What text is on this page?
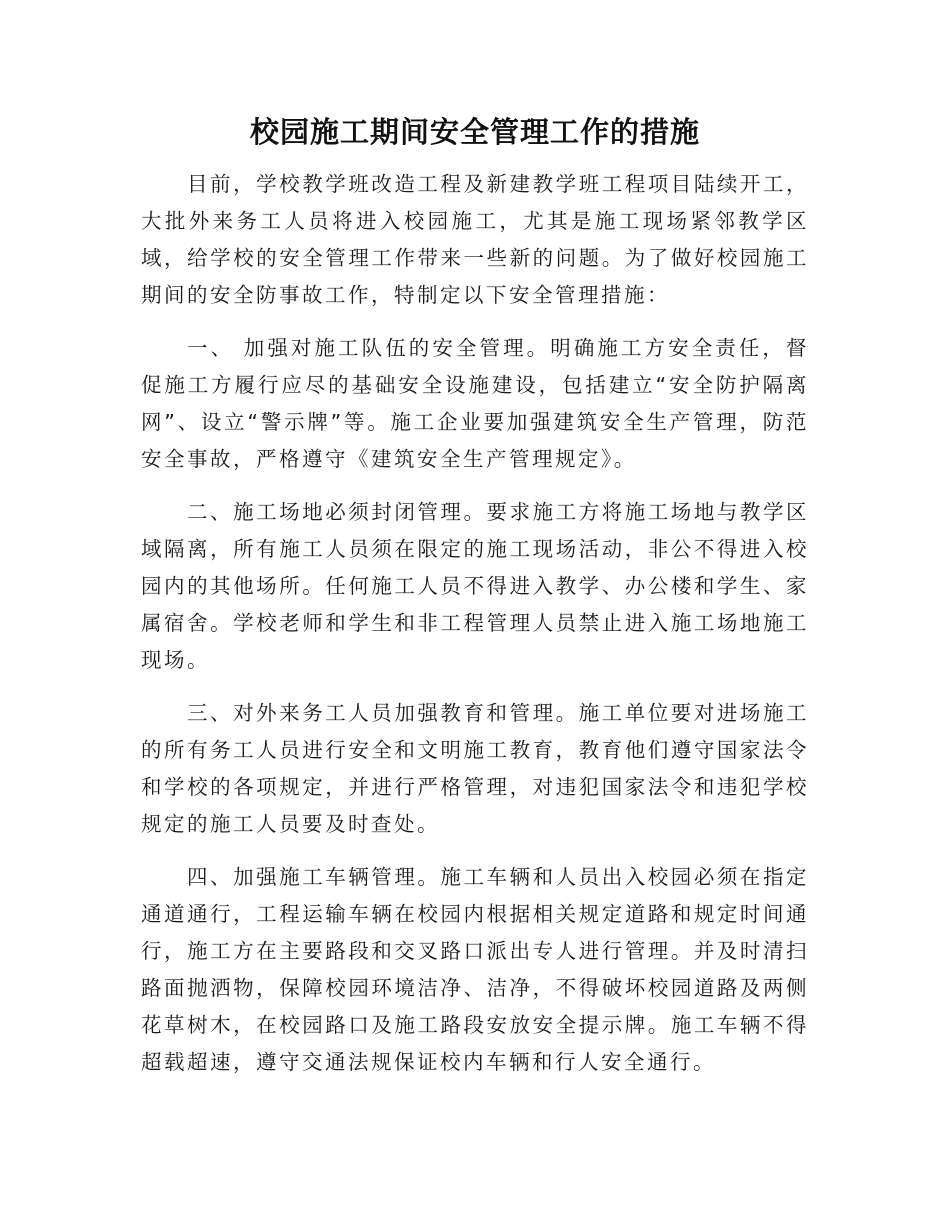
校园施工期间安全管理工作的措施

目前，学校教学班改造工程及新建教学班工程项目陆续开工，大批外来务工人员将进入校园施工，尤其是施工现场紧邻教学区域，给学校的安全管理工作带来一些新的问题。为了做好校园施工期间的安全防事故工作，特制定以下安全管理措施：

一、 加强对施工队伍的安全管理。明确施工方安全责任，督促施工方履行应尽的基础安全设施建设，包括建立“安全防护隔离网”、设立“警示牌”等。施工企业要加强建筑安全生产管理，防范安全事故，严格遵守《建筑安全生产管理规定》。

二、施工场地必须封闭管理。要求施工方将施工场地与教学区域隔离，所有施工人员须在限定的施工现场活动，非公不得进入校园内的其他场所。任何施工人员不得进入教学、办公楼和学生、家属宿舍。学校老师和学生和非工程管理人员禁止进入施工场地施工现场。

三、对外来务工人员加强教育和管理。施工单位要对进场施工的所有务工人员进行安全和文明施工教育，教育他们遵守国家法令和学校的各项规定，并进行严格管理，对违犯国家法令和违犯学校规定的施工人员要及时查处。

四、加强施工车辆管理。施工车辆和人员出入校园必须在指定通道通行，工程运输车辆在校园内根据相关规定道路和规定时间通行，施工方在主要路段和交叉路口派出专人进行管理。并及时清扫路面抛洒物，保障校园环境洁净、洁净，不得破坏校园道路及两侧花草树木，在校园路口及施工路段安放安全提示牌。施工车辆不得超载超速，遵守交通法规保证校内车辆和行人安全通行。
